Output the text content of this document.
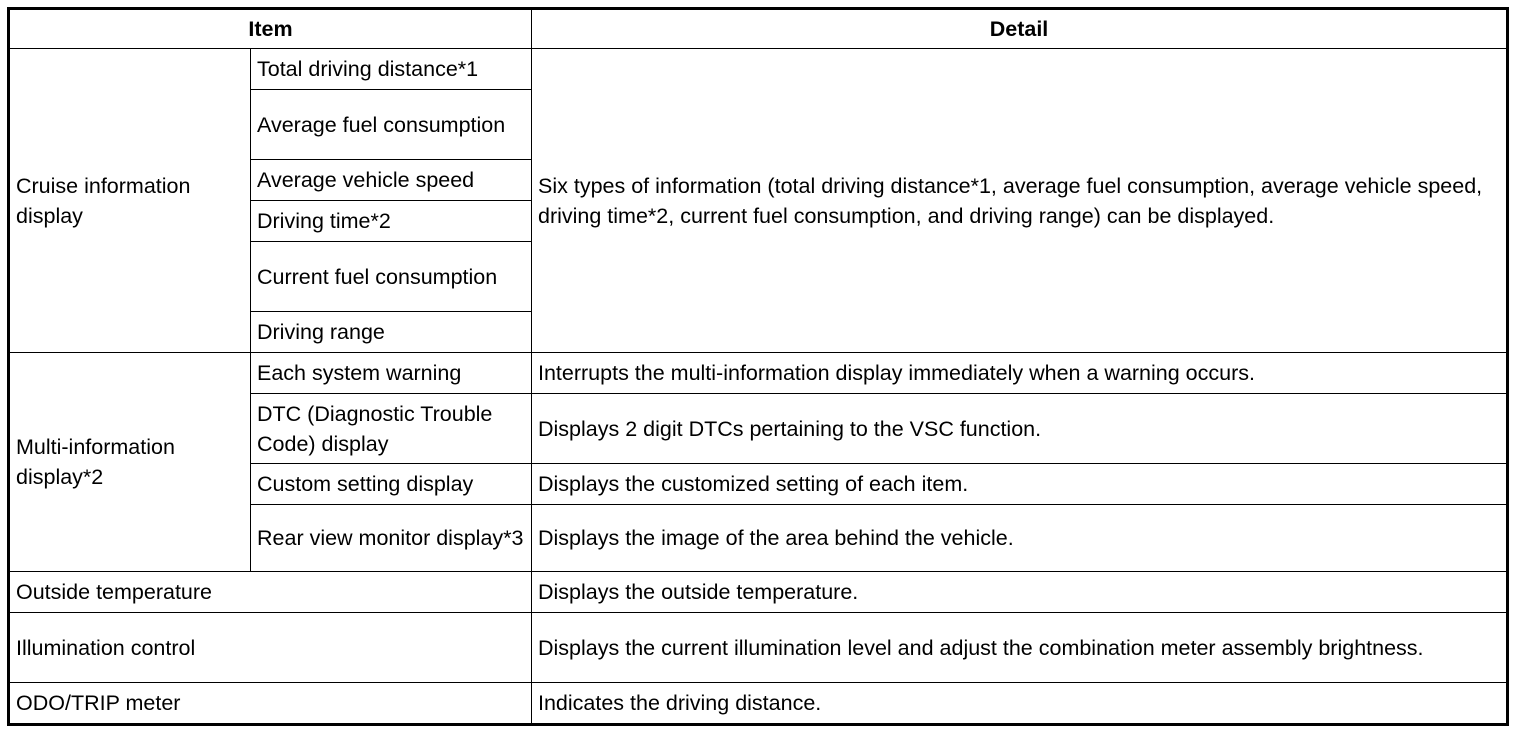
Item		Detail
Cruise information display	Total driving distance*1	Six types of information (total driving distance*1, average fuel consumption, average vehicle speed, driving time*2, current fuel consumption, and driving range) can be displayed.
	Average fuel consumption	
	Average vehicle speed	
	Driving time*2	
	Current fuel consumption	
	Driving range	
Multi-information display*2	Each system warning	Interrupts the multi-information display immediately when a warning occurs.
	DTC (Diagnostic Trouble Code) display	Displays 2 digit DTCs pertaining to the VSC function.
	Custom setting display	Displays the customized setting of each item.
	Rear view monitor display*3	Displays the image of the area behind the vehicle.
Outside temperature		Displays the outside temperature.
Illumination control		Displays the current illumination level and adjust the combination meter assembly brightness.
ODO/TRIP meter		Indicates the driving distance.
